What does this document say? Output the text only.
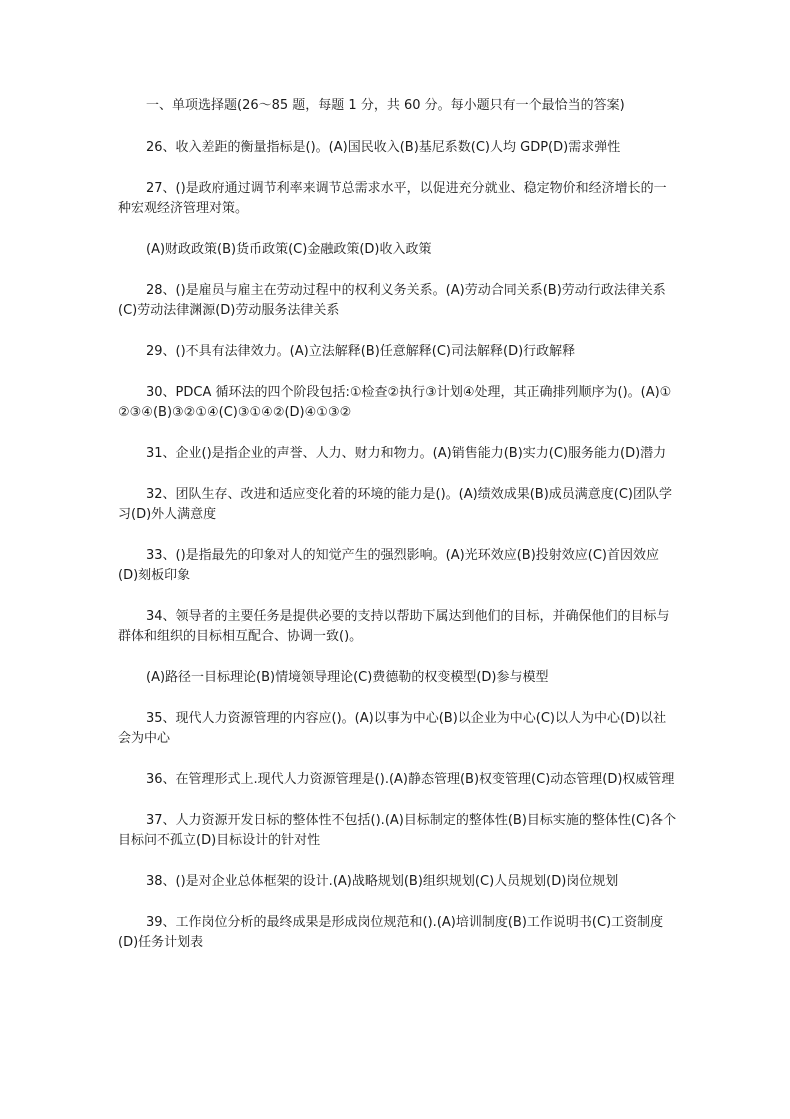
一、单项选择题(26～85 题，每题 1 分，共 60 分。每小题只有一个最恰当的答案)

26、收入差距的衡量指标是()。(A)国民收入(B)基尼系数(C)人均 GDP(D)需求弹性

27、()是政府通过调节利率来调节总需求水平，以促进充分就业、稳定物价和经济增长的一种宏观经济管理对策。

(A)财政政策(B)货币政策(C)金融政策(D)收入政策

28、()是雇员与雇主在劳动过程中的权利义务关系。(A)劳动合同关系(B)劳动行政法律关系(C)劳动法律渊源(D)劳动服务法律关系

29、()不具有法律效力。(A)立法解释(B)任意解释(C)司法解释(D)行政解释

30、PDCA 循环法的四个阶段包括:①检查②执行③计划④处理，其正确排列顺序为()。(A)①②③④(B)③②①④(C)③①④②(D)④①③②

31、企业()是指企业的声誉、人力、财力和物力。(A)销售能力(B)实力(C)服务能力(D)潜力

32、团队生存、改进和适应变化着的环境的能力是()。(A)绩效成果(B)成员满意度(C)团队学习(D)外人满意度

33、()是指最先的印象对人的知觉产生的强烈影响。(A)光环效应(B)投射效应(C)首因效应(D)刻板印象

34、领导者的主要任务是提供必要的支持以帮助下属达到他们的目标，并确保他们的目标与群体和组织的目标相互配合、协调一致()。

(A)路径一目标理论(B)情境领导理论(C)费德勒的权变模型(D)参与模型

35、现代人力资源管理的内容应()。(A)以事为中心(B)以企业为中心(C)以人为中心(D)以社会为中心

36、在管理形式上.现代人力资源管理是().(A)静态管理(B)权变管理(C)动态管理(D)权威管理

37、人力资源开发日标的整体性不包括().(A)目标制定的整体性(B)目标实施的整体性(C)各个目标问不孤立(D)目标设计的针对性

38、()是对企业总体框架的设计.(A)战略规划(B)组织规划(C)人员规划(D)岗位规划

39、工作岗位分析的最终成果是形成岗位规范和().(A)培训制度(B)工作说明书(C)工资制度(D)任务计划表
